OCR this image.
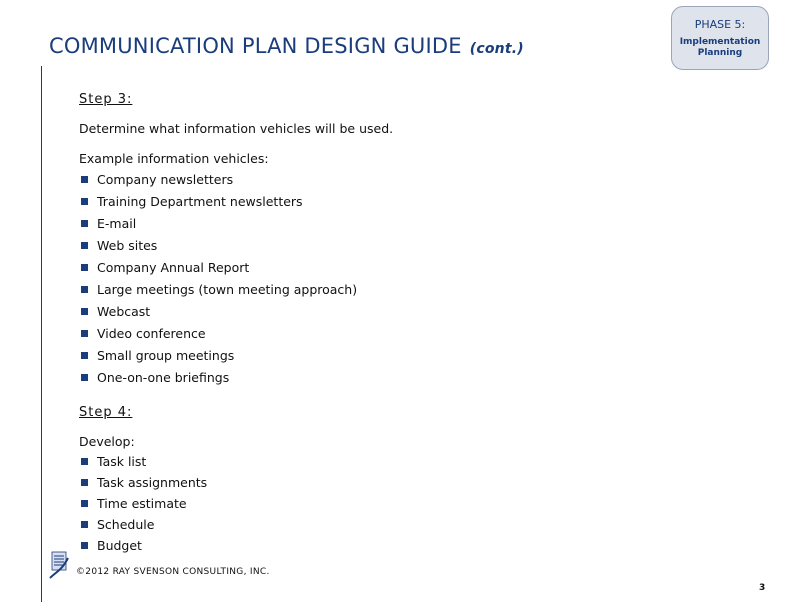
COMMUNICATION PLAN DESIGN GUIDE (cont.)
PHASE 5:
Implementation Planning
Step 3:

Determine what information vehicles will be used.

Example information vehicles:

Company newsletters
Training Department newsletters
E-mail
Web sites
Company Annual Report
Large meetings (town meeting approach)
Webcast
Video conference
Small group meetings
One-on-one briefings
Step 4:

Develop:

Task list
Task assignments
Time estimate
Schedule
Budget
©2012 RAY SVENSON CONSULTING, INC.
3
